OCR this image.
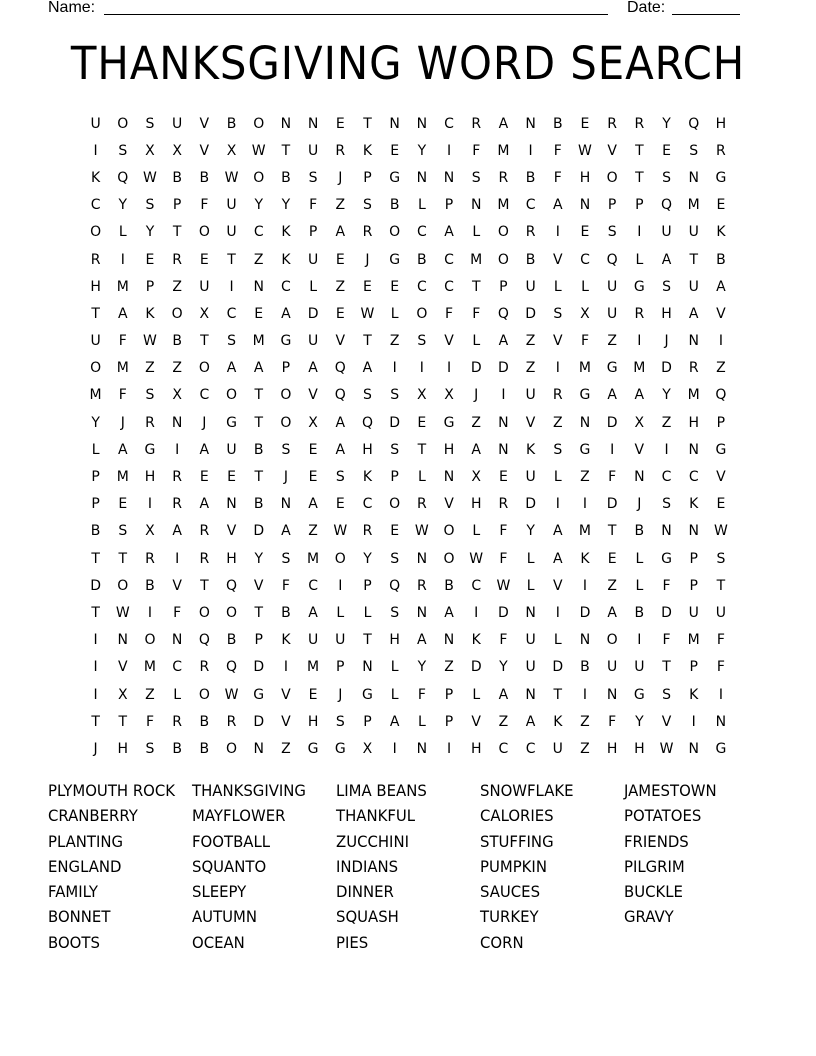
Name:	Date:
THANKSGIVING WORD SEARCH
U	O	S	U	V	B	O	N	N	E	T	N	N	C	R	A	N	B	E	R	R	Y	Q	H
I	S	X	X	V	X	W	T	U	R	K	E	Y	I	F	M	I	F	W	V	T	E	S	R
K	Q	W	B	B	W	O	B	S	J	P	G	N	N	S	R	B	F	H	O	T	S	N	G
C	Y	S	P	F	U	Y	Y	F	Z	S	B	L	P	N	M	C	A	N	P	P	Q	M	E
O	L	Y	T	O	U	C	K	P	A	R	O	C	A	L	O	R	I	E	S	I	U	U	K
R	I	E	R	E	T	Z	K	U	E	J	G	B	C	M	O	B	V	C	Q	L	A	T	B
H	M	P	Z	U	I	N	C	L	Z	E	E	C	C	T	P	U	L	L	U	G	S	U	A
T	A	K	O	X	C	E	A	D	E	W	L	O	F	F	Q	D	S	X	U	R	H	A	V
U	F	W	B	T	S	M	G	U	V	T	Z	S	V	L	A	Z	V	F	Z	I	J	N	I
O	M	Z	Z	O	A	A	P	A	Q	A	I	I	I	D	D	Z	I	M	G	M	D	R	Z
M	F	S	X	C	O	T	O	V	Q	S	S	X	X	J	I	U	R	G	A	A	Y	M	Q
Y	J	R	N	J	G	T	O	X	A	Q	D	E	G	Z	N	V	Z	N	D	X	Z	H	P
L	A	G	I	A	U	B	S	E	A	H	S	T	H	A	N	K	S	G	I	V	I	N	G
P	M	H	R	E	E	T	J	E	S	K	P	L	N	X	E	U	L	Z	F	N	C	C	V
P	E	I	R	A	N	B	N	A	E	C	O	R	V	H	R	D	I	I	D	J	S	K	E
B	S	X	A	R	V	D	A	Z	W	R	E	W	O	L	F	Y	A	M	T	B	N	N	W
T	T	R	I	R	H	Y	S	M	O	Y	S	N	O	W	F	L	A	K	E	L	G	P	S
D	O	B	V	T	Q	V	F	C	I	P	Q	R	B	C	W	L	V	I	Z	L	F	P	T
T	W	I	F	O	O	T	B	A	L	L	S	N	A	I	D	N	I	D	A	B	D	U	U
I	N	O	N	Q	B	P	K	U	U	T	H	A	N	K	F	U	L	N	O	I	F	M	F
I	V	M	C	R	Q	D	I	M	P	N	L	Y	Z	D	Y	U	D	B	U	U	T	P	F
I	X	Z	L	O	W	G	V	E	J	G	L	F	P	L	A	N	T	I	N	G	S	K	I
T	T	F	R	B	R	D	V	H	S	P	A	L	P	V	Z	A	K	Z	F	Y	V	I	N
J	H	S	B	B	O	N	Z	G	G	X	I	N	I	H	C	C	U	Z	H	H	W	N	G
PLYMOUTH ROCK
CRANBERRY
PLANTING
ENGLAND
FAMILY
BONNET
BOOTS
THANKSGIVING
MAYFLOWER
FOOTBALL
SQUANTO
SLEEPY
AUTUMN
OCEAN
LIMA BEANS
THANKFUL
ZUCCHINI
INDIANS
DINNER
SQUASH
PIES
SNOWFLAKE
CALORIES
STUFFING
PUMPKIN
SAUCES
TURKEY
CORN
JAMESTOWN
POTATOES
FRIENDS
PILGRIM
BUCKLE
GRAVY
